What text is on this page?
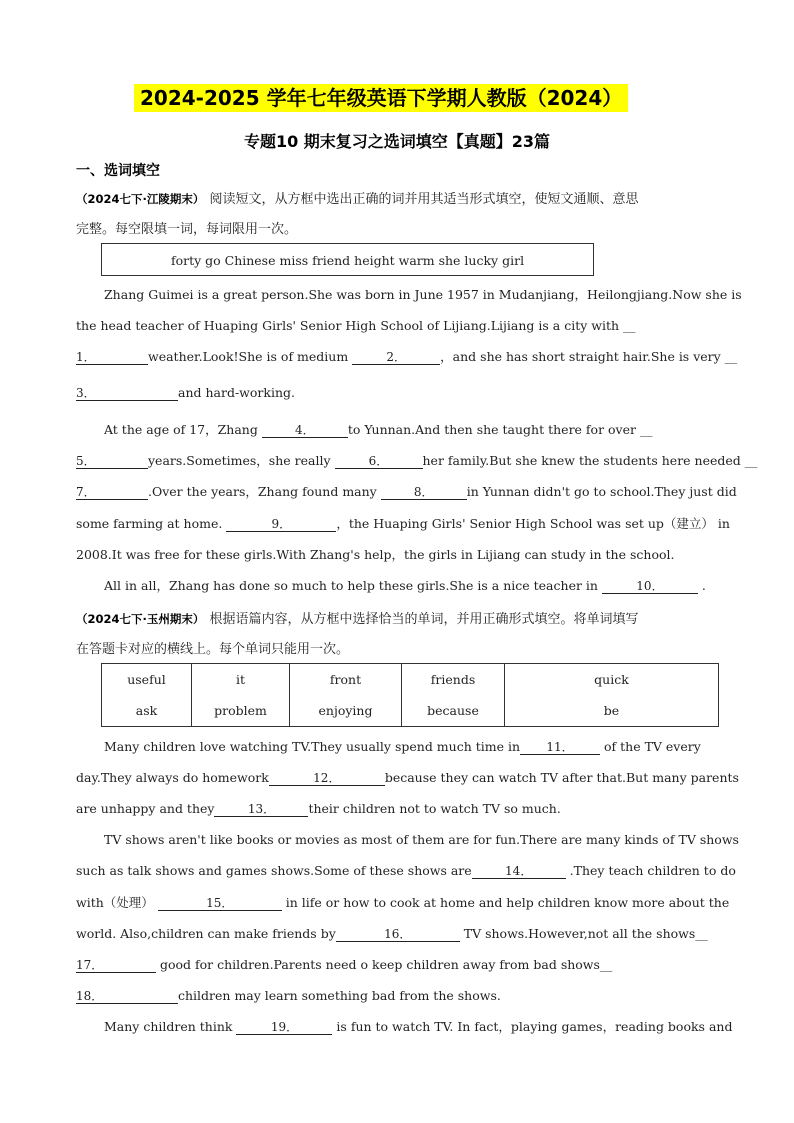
2024-2025 学年七年级英语下学期人教版（2024）
专题10 期末复习之选词填空【真题】23篇
一、选词填空
（2024七下·江陵期末） 阅读短文，从方框中选出正确的词并用其适当形式填空，使短文通顺、意思
完整。每空限填一词，每词限用一次。
forty go Chinese miss friend height warm she lucky girl
Zhang Guimei is a great person.She was born in June 1957 in Mudanjiang，Heilongjiang.Now she is
the head teacher of Huaping Girls' Senior High School of Lijiang.Lijiang is a city with __
1．	weather.Look!She is of medium	2．	，and she has short straight hair.She is very __
3．	and hard-working.
At the age of 17，Zhang	4．	to Yunnan.And then she taught there for over __
5．	years.Sometimes，she really	6．	her family.But she knew the students here needed __
7．	.Over the years，Zhang found many	8．	in Yunnan didn't go to school.They just did
some farming at home.	9．	，the Huaping Girls' Senior High School was set up（建立） in
2008.It was free for these girls.With Zhang's help，the girls in Lijiang can study in the school.
All in all，Zhang has done so much to help these girls.She is a nice teacher in	10．	.
（2024七下·玉州期末） 根据语篇内容，从方框中选择恰当的单词，并用正确形式填空。将单词填写
在答题卡对应的横线上。每个单词只能用一次。
useful	it	front	friends	quick
ask	problem	enjoying	because	be
Many children love watching TV.They usually spend much time in 11． of the TV every
day.They always do homework	12．	because they can watch TV after that.But many parents
are unhappy and they	13．	their children not to watch TV so much.
TV shows aren't like books or movies as most of them are for fun.There are many kinds of TV shows
such as talk shows and games shows.Some of these shows are	14．	.They teach children to do
with（处理）	15．	in life or how to cook at home and help children know more about the
world. Also,children can make friends by	16．	TV shows.However,not all the shows__
17．	good for children.Parents need o keep children away from bad shows__
18．	children may learn something bad from the shows.
Many children think	19．	is fun to watch TV. In fact，playing games，reading books and
